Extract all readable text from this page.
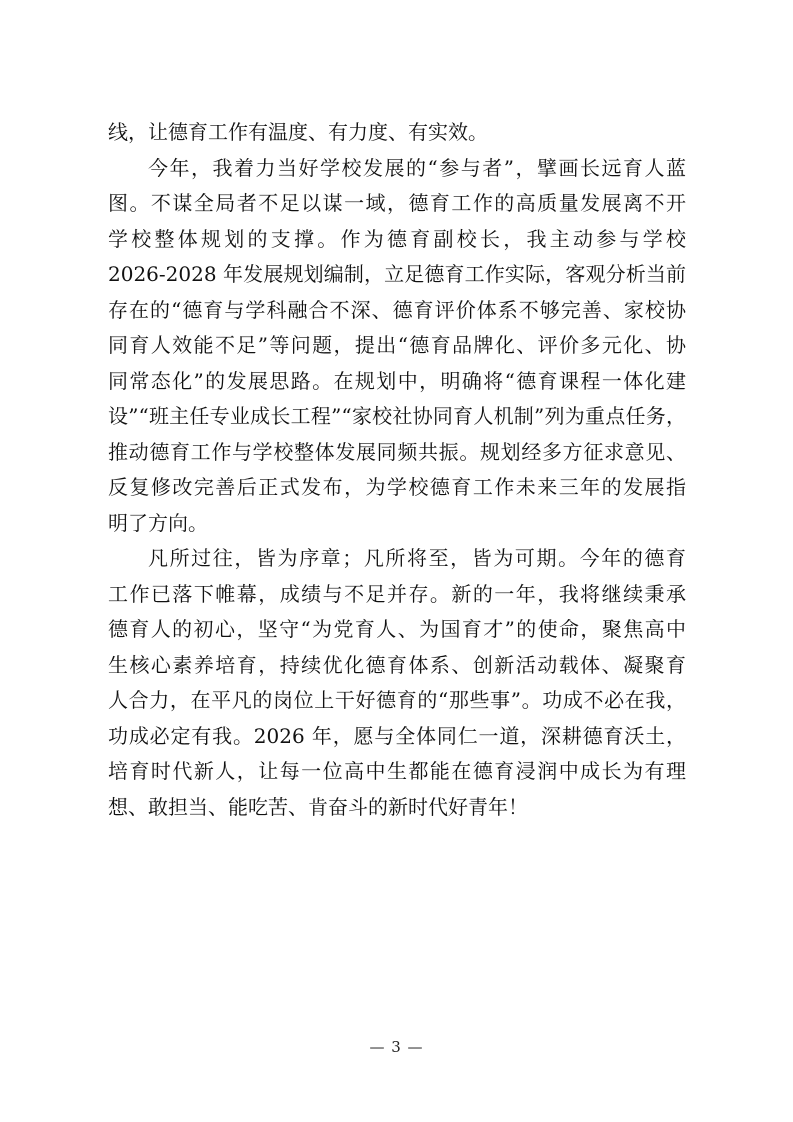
线，让德育工作有温度、有力度、有实效。
今年，我着力当好学校发展的“参与者”，擘画长远育人蓝
图。不谋全局者不足以谋一域，德育工作的高质量发展离不开
学校整体规划的支撑。作为德育副校长，我主动参与学校
2026-2028 年发展规划编制，立足德育工作实际，客观分析当前
存在的“德育与学科融合不深、德育评价体系不够完善、家校协
同育人效能不足”等问题，提出“德育品牌化、评价多元化、协
同常态化”的发展思路。在规划中，明确将“德育课程一体化建
设”“班主任专业成长工程”“家校社协同育人机制”列为重点任务，
推动德育工作与学校整体发展同频共振。规划经多方征求意见、
反复修改完善后正式发布，为学校德育工作未来三年的发展指
明了方向。
凡所过往，皆为序章；凡所将至，皆为可期。今年的德育
工作已落下帷幕，成绩与不足并存。新的一年，我将继续秉承
德育人的初心，坚守“为党育人、为国育才”的使命，聚焦高中
生核心素养培育，持续优化德育体系、创新活动载体、凝聚育
人合力，在平凡的岗位上干好德育的“那些事”。功成不必在我，
功成必定有我。2026 年，愿与全体同仁一道，深耕德育沃土，
培育时代新人，让每一位高中生都能在德育浸润中成长为有理
想、敢担当、能吃苦、肯奋斗的新时代好青年！
— 3 —
